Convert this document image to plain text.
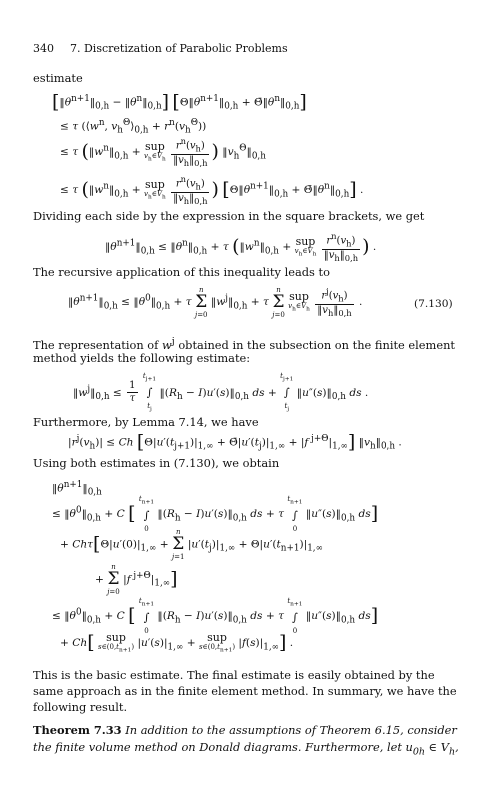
340 7. Discretization of Parabolic Problems
estimate
[$‖\theta^{n+1}‖_{0,h}$ − $‖\theta^n‖_{0,h}$] [$\Theta‖\theta^{n+1}‖_{0,h}$ + $\Thetā‖\theta^n‖_{0,h}$]
≤ τ ($⟨w^n$, $v_h^\Theta⟩_{0,h} + r^n(v_h^\Theta)$)
≤ τ ($‖w^n‖_{0,h}$ + sup
$v_h\in V_h$
$\frac{r^n(v_h)}{‖v_h‖_{0,h}}$ ) $‖v_h^\Theta‖_{0,h}$
≤ τ ($‖w^n‖_{0,h}$ + sup
$v_h\in V_h$
$\frac{r^n(v_h)}{‖v_h‖_{0,h}}$ ) [$\Theta‖\theta^{n+1}‖_{0,h}$ + $\Thetā‖\theta^n‖_{0,h}$] .
Dividing each side by the expression in the square brackets, we get
$‖\theta^{n+1}‖_{0,h}$ ≤ $‖\theta^n‖_{0,h} + \tau$ ($‖w^n‖_{0,h}$ + sup
$v_h\in V_h$
$\frac{r^n(v_h)}{‖v_h‖_{0,h}}$ ) .
The recursive application of this inequality leads to
$‖\theta^{n+1}‖_{0,h}$ ≤ $‖\theta^0‖_{0,h} + \tau$
n
Σ
j=0
$‖w^j‖_{0,h} + \tau$
n
Σ
j=0

sup
$v_h\in V_h$
$\frac{r^j(v_h)}{‖v_h‖_{0,h}}$ .	(7.130)
The representation of $w^j$ obtained in the subsection on the finite element
method yields the following estimate:
$‖w^j‖_{0,h} \le \frac{1}{\tau}$

$t_{j+1}$
∫
$t_j$
$‖(R_h$ − $I)u'(s)‖_{0,h}$ ds +
$t_{j+1}$
∫
$t_j$
$‖u''(s)‖_{0,h}$ ds .
Furthermore, by Lemma 7.14, we have
$|r^j(v_h)| \le Ch$ [$\Theta|u'(t_{j+1})|_{1,\infty}$ + $\Thetā|u'(t_j)|_{1,\infty} + |f$ $^{j+\Theta}|_{1,\infty}$] $‖v_h‖_{0,h}$ .
Using both estimates in (7.130), we obtain
$‖\theta^{n+1}‖_{0,h}$
≤ $‖\theta^0‖_{0,h} + C$ [
$t_{n+1}$
∫
0
$‖(R_h$ − $I)u'(s)‖_{0,h}$ ds + τ
$t_{n+1}$
∫
0
$‖u''(s)‖_{0,h}$ ds]
+ $Ch\tau[\Theta|u'(0)|_{1,\infty}$ +
n
Σ
j=1
$|u'(t_j)|_{1,\infty} + \Theta|u'(t_{n+1})|_{1,\infty}$
+
n
Σ
j=0
|f $^{j+\Theta}|_{1,\infty}$]
≤ $‖\theta^0‖_{0,h} + C$ [
$t_{n+1}$
∫
0
$‖(R_h$ − $I)u'(s)‖_{0,h}$ ds + τ
$t_{n+1}$
∫
0
$‖u''(s)‖_{0,h}$ ds]
+ Ch[	sup
$s\in(0,t_{n+1}) |u'(s)|_{1,\infty}$ + sup
$s\in(0,t_{n+1})$ $|f(s)|_{1,\infty}$] .
This is the basic estimate. The final estimate is easily obtained by the
same approach as in the finite element method. In summary, we have the
following result.
Theorem 7.33 In addition to the assumptions of Theorem 6.15, consider
the finite volume method on Donald diagrams. Furthermore, let $u_{0h}$ ∈ $V_h$,
